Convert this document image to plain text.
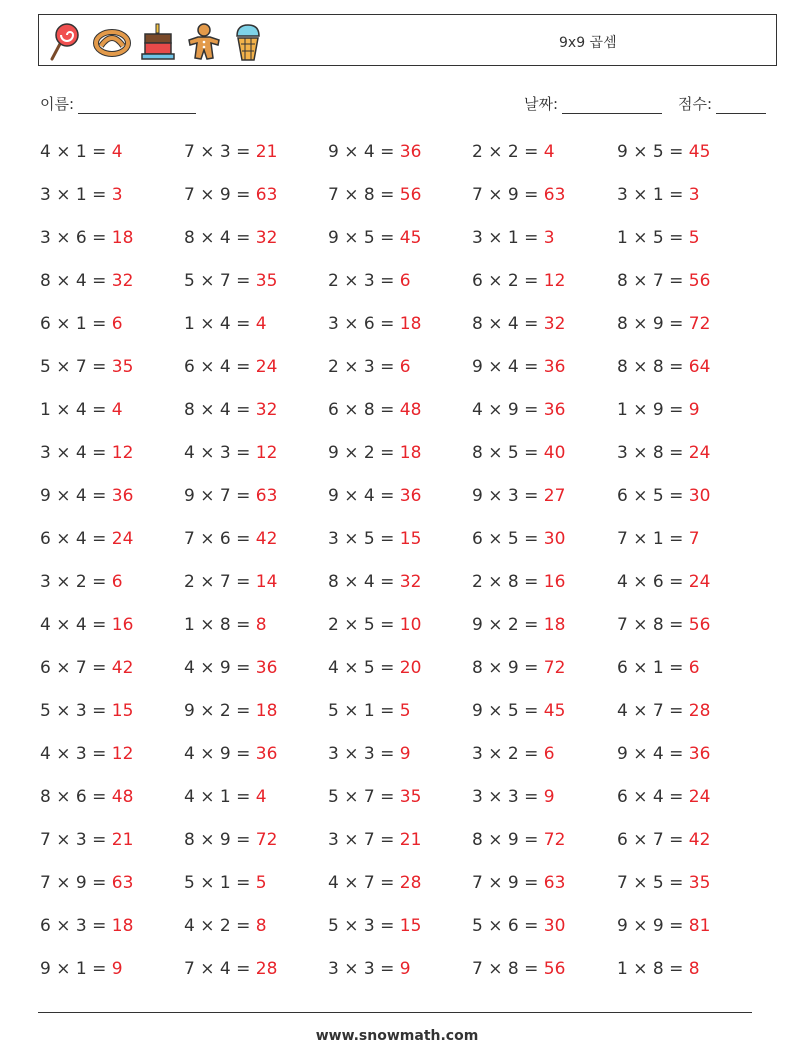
9x9 곱셈
이름:	날짜:	점수:
4 × 1 = 4	7 × 3 = 21	9 × 4 = 36	2 × 2 = 4	9 × 5 = 45
3 × 1 = 3	7 × 9 = 63	7 × 8 = 56	7 × 9 = 63	3 × 1 = 3
3 × 6 = 18	8 × 4 = 32	9 × 5 = 45	3 × 1 = 3	1 × 5 = 5
8 × 4 = 32	5 × 7 = 35	2 × 3 = 6	6 × 2 = 12	8 × 7 = 56
6 × 1 = 6	1 × 4 = 4	3 × 6 = 18	8 × 4 = 32	8 × 9 = 72
5 × 7 = 35	6 × 4 = 24	2 × 3 = 6	9 × 4 = 36	8 × 8 = 64
1 × 4 = 4	8 × 4 = 32	6 × 8 = 48	4 × 9 = 36	1 × 9 = 9
3 × 4 = 12	4 × 3 = 12	9 × 2 = 18	8 × 5 = 40	3 × 8 = 24
9 × 4 = 36	9 × 7 = 63	9 × 4 = 36	9 × 3 = 27	6 × 5 = 30
6 × 4 = 24	7 × 6 = 42	3 × 5 = 15	6 × 5 = 30	7 × 1 = 7
3 × 2 = 6	2 × 7 = 14	8 × 4 = 32	2 × 8 = 16	4 × 6 = 24
4 × 4 = 16	1 × 8 = 8	2 × 5 = 10	9 × 2 = 18	7 × 8 = 56
6 × 7 = 42	4 × 9 = 36	4 × 5 = 20	8 × 9 = 72	6 × 1 = 6
5 × 3 = 15	9 × 2 = 18	5 × 1 = 5	9 × 5 = 45	4 × 7 = 28
4 × 3 = 12	4 × 9 = 36	3 × 3 = 9	3 × 2 = 6	9 × 4 = 36
8 × 6 = 48	4 × 1 = 4	5 × 7 = 35	3 × 3 = 9	6 × 4 = 24
7 × 3 = 21	8 × 9 = 72	3 × 7 = 21	8 × 9 = 72	6 × 7 = 42
7 × 9 = 63	5 × 1 = 5	4 × 7 = 28	7 × 9 = 63	7 × 5 = 35
6 × 3 = 18	4 × 2 = 8	5 × 3 = 15	5 × 6 = 30	9 × 9 = 81
9 × 1 = 9	7 × 4 = 28	3 × 3 = 9	7 × 8 = 56	1 × 8 = 8
www.snowmath.com
